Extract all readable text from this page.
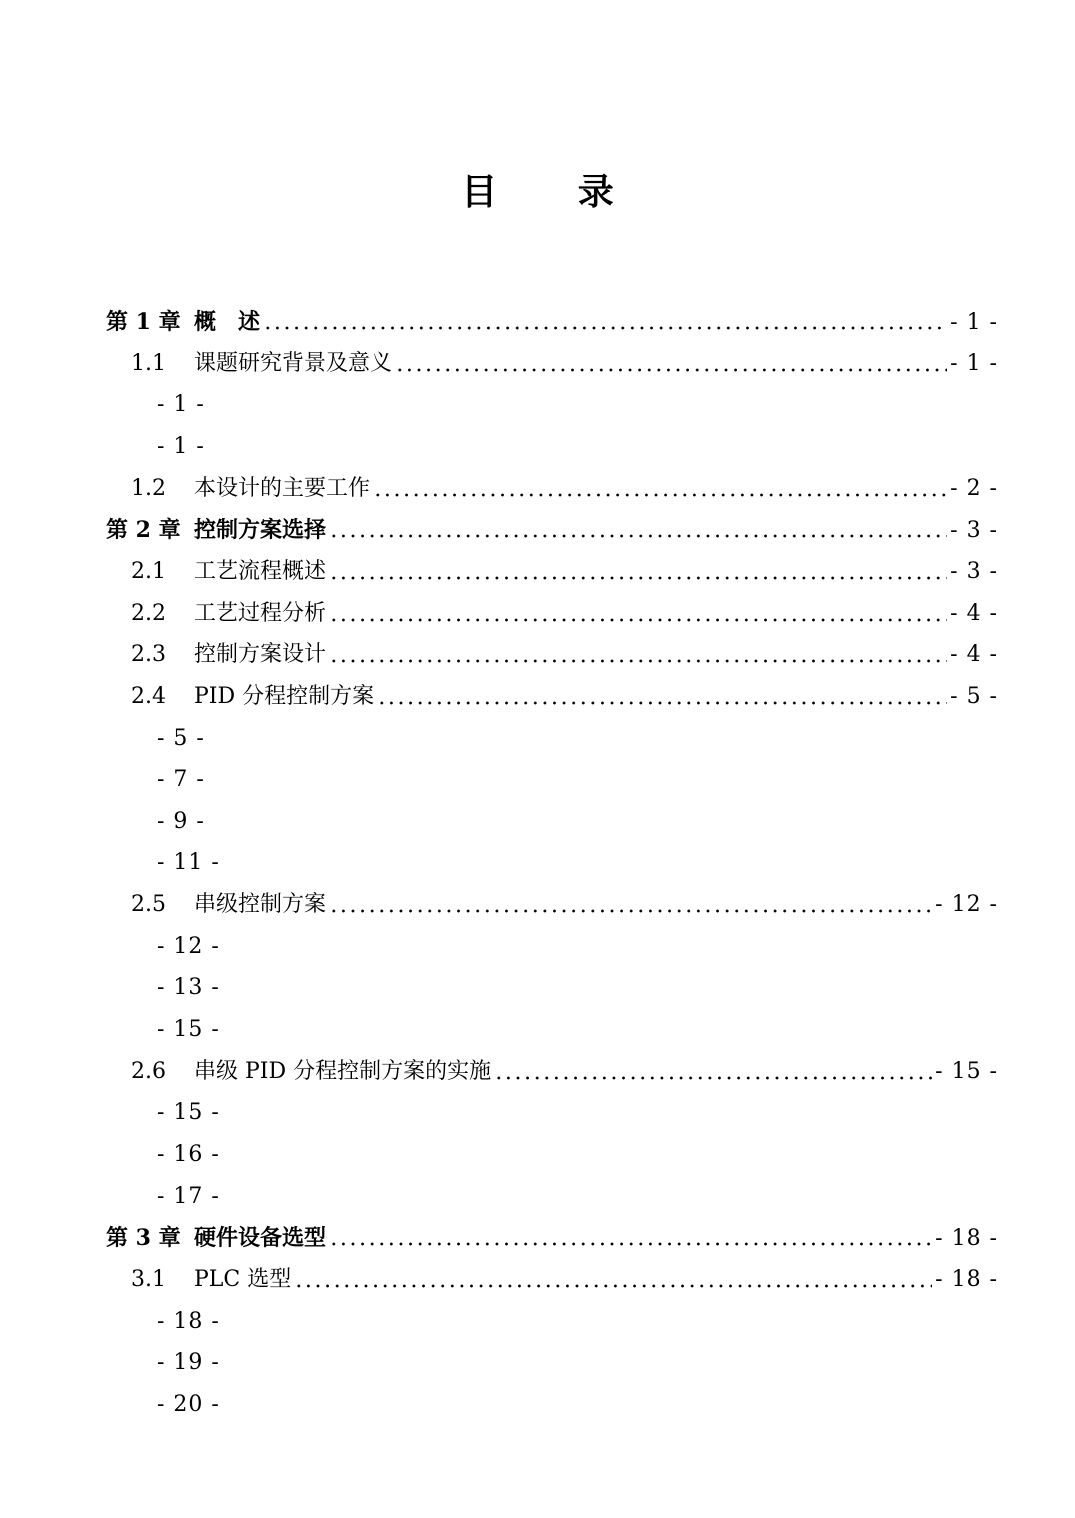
目 录
第 1 章 概　述	- 1 -
1.1	课题研究背景及意义	- 1 -
- 1 -
- 1 -
1.2	本设计的主要工作	- 2 -
第 2 章 控制方案选择	- 3 -
2.1	工艺流程概述	- 3 -
2.2	工艺过程分析	- 4 -
2.3	控制方案设计	- 4 -
2.4	PID 分程控制方案	- 5 -
- 5 -
- 7 -
- 9 -
- 11 -
2.5	串级控制方案	- 12 -
- 12 -
- 13 -
- 15 -
2.6	串级 PID 分程控制方案的实施	- 15 -
- 15 -
- 16 -
- 17 -
第 3 章 硬件设备选型	- 18 -
3.1	PLC 选型	- 18 -
- 18 -
- 19 -
- 20 -
